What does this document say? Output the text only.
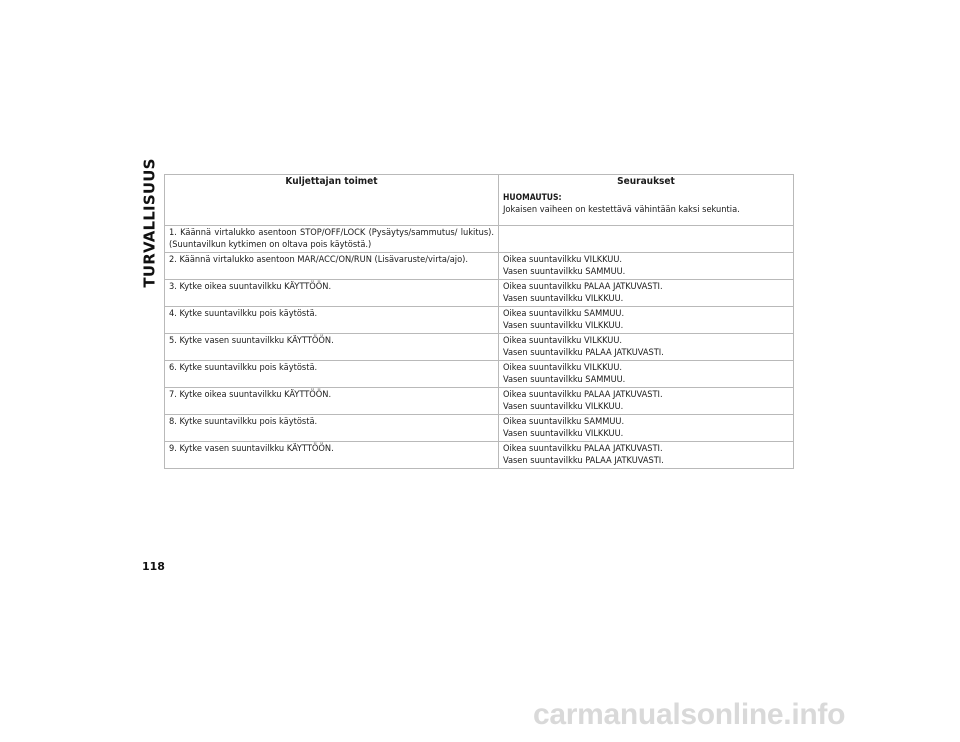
TURVALLISUUS	Kuljettajan toimet	Seuraukset
HUOMAUTUS:
Jokaisen vaiheen on kestettävä vähintään kaksi sekuntia.

1. Käännä virtalukko asentoon STOP/OFF/LOCK (Pysäytys/sammutus/ lukitus). (Suuntavilkun kytkimen on oltava pois käytöstä.)	

2. Käännä virtalukko asentoon MAR/ACC/ON/RUN (Lisävaruste/virta/ajo).	Oikea suuntavilkku VILKKUU.
Vasen suuntavilkku SAMMUU.

3. Kytke oikea suuntavilkku KÄYTTÖÖN.	Oikea suuntavilkku PALAA JATKUVASTI.
Vasen suuntavilkku VILKKUU.

4. Kytke suuntavilkku pois käytöstä.	Oikea suuntavilkku SAMMUU.
Vasen suuntavilkku VILKKUU.

5. Kytke vasen suuntavilkku KÄYTTÖÖN.	Oikea suuntavilkku VILKKUU.
Vasen suuntavilkku PALAA JATKUVASTI.

6. Kytke suuntavilkku pois käytöstä.	Oikea suuntavilkku VILKKUU.
Vasen suuntavilkku SAMMUU.

7. Kytke oikea suuntavilkku KÄYTTÖÖN.	Oikea suuntavilkku PALAA JATKUVASTI.
Vasen suuntavilkku VILKKUU.

8. Kytke suuntavilkku pois käytöstä.	Oikea suuntavilkku SAMMUU.
Vasen suuntavilkku VILKKUU.

9. Kytke vasen suuntavilkku KÄYTTÖÖN.	Oikea suuntavilkku PALAA JATKUVASTI.
Vasen suuntavilkku PALAA JATKUVASTI.
118
carmanualsonline.info
